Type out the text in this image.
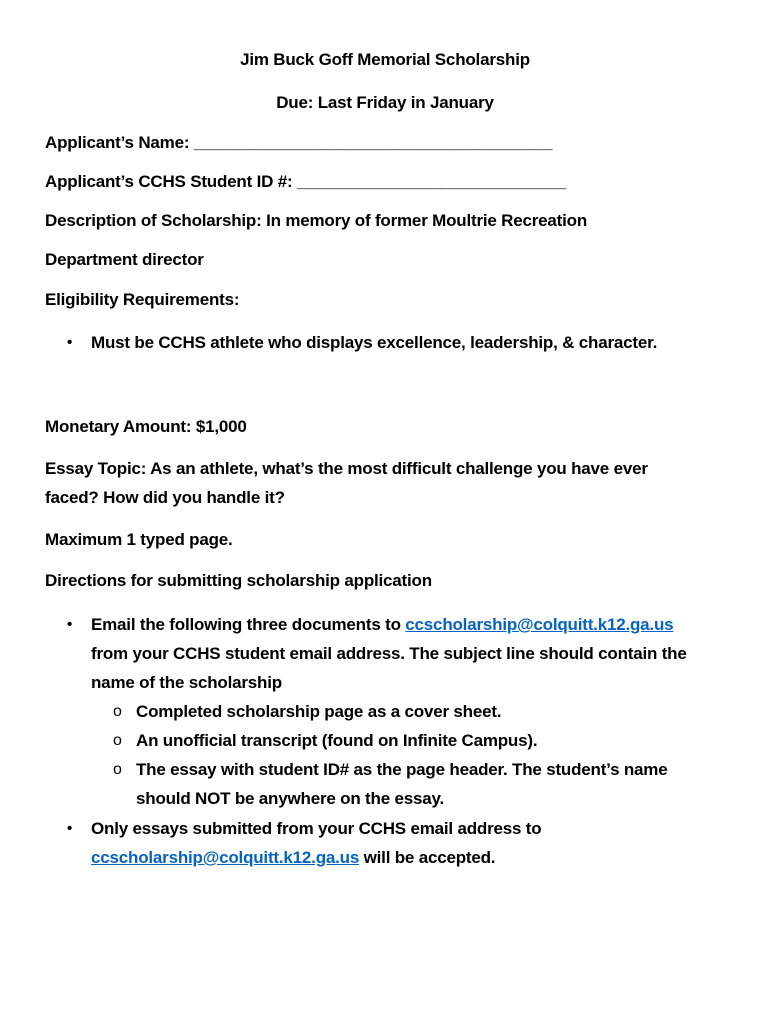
Jim Buck Goff Memorial Scholarship
Due: Last Friday in January
Applicant’s Name: ________________________________________
Applicant’s CCHS Student ID #: ______________________________
Description of Scholarship: In memory of former Moultrie Recreation
Department director
Eligibility Requirements:
• Must be CCHS athlete who displays excellence, leadership, & character.
Monetary Amount: $1,000
Essay Topic: As an athlete, what’s the most difficult challenge you have ever
faced? How did you handle it?
Maximum 1 typed page.
Directions for submitting scholarship application
• Email the following three documents to ccscholarship@colquitt.k12.ga.us
from your CCHS student email address. The subject line should contain the
name of the scholarship
o Completed scholarship page as a cover sheet.
o An unofficial transcript (found on Infinite Campus).
o The essay with student ID# as the page header. The student’s name
should NOT be anywhere on the essay.
• Only essays submitted from your CCHS email address to
ccscholarship@colquitt.k12.ga.us will be accepted.
